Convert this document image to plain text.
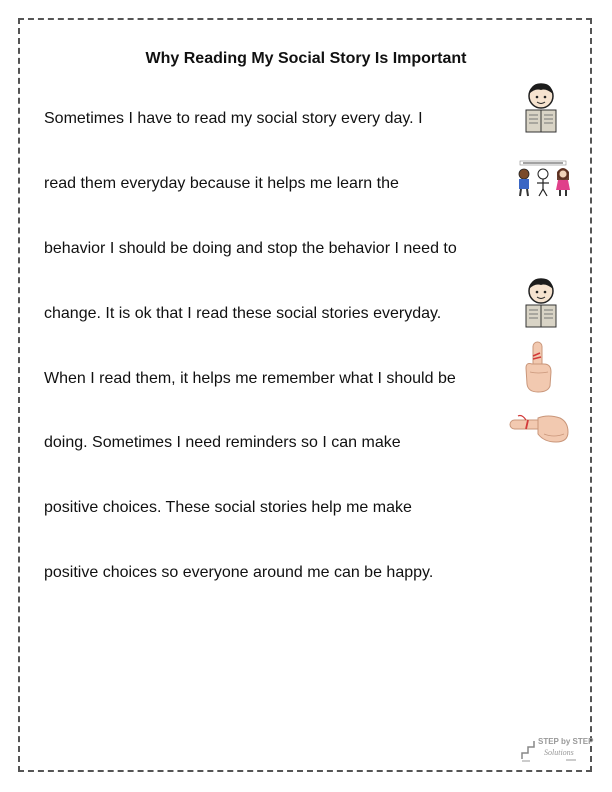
Why Reading My Social Story Is Important

Sometimes I have to read my social story every day. I

read them everyday because it helps me learn the

behavior I should be doing and stop the behavior I need to

change. It is ok that I read these social stories everyday.

When I read them, it helps me remember what I should be

doing. Sometimes I need reminders so I can make

positive choices. These social stories help me make

positive choices so everyone around me can be happy.

STEP by STEP
Solutions
